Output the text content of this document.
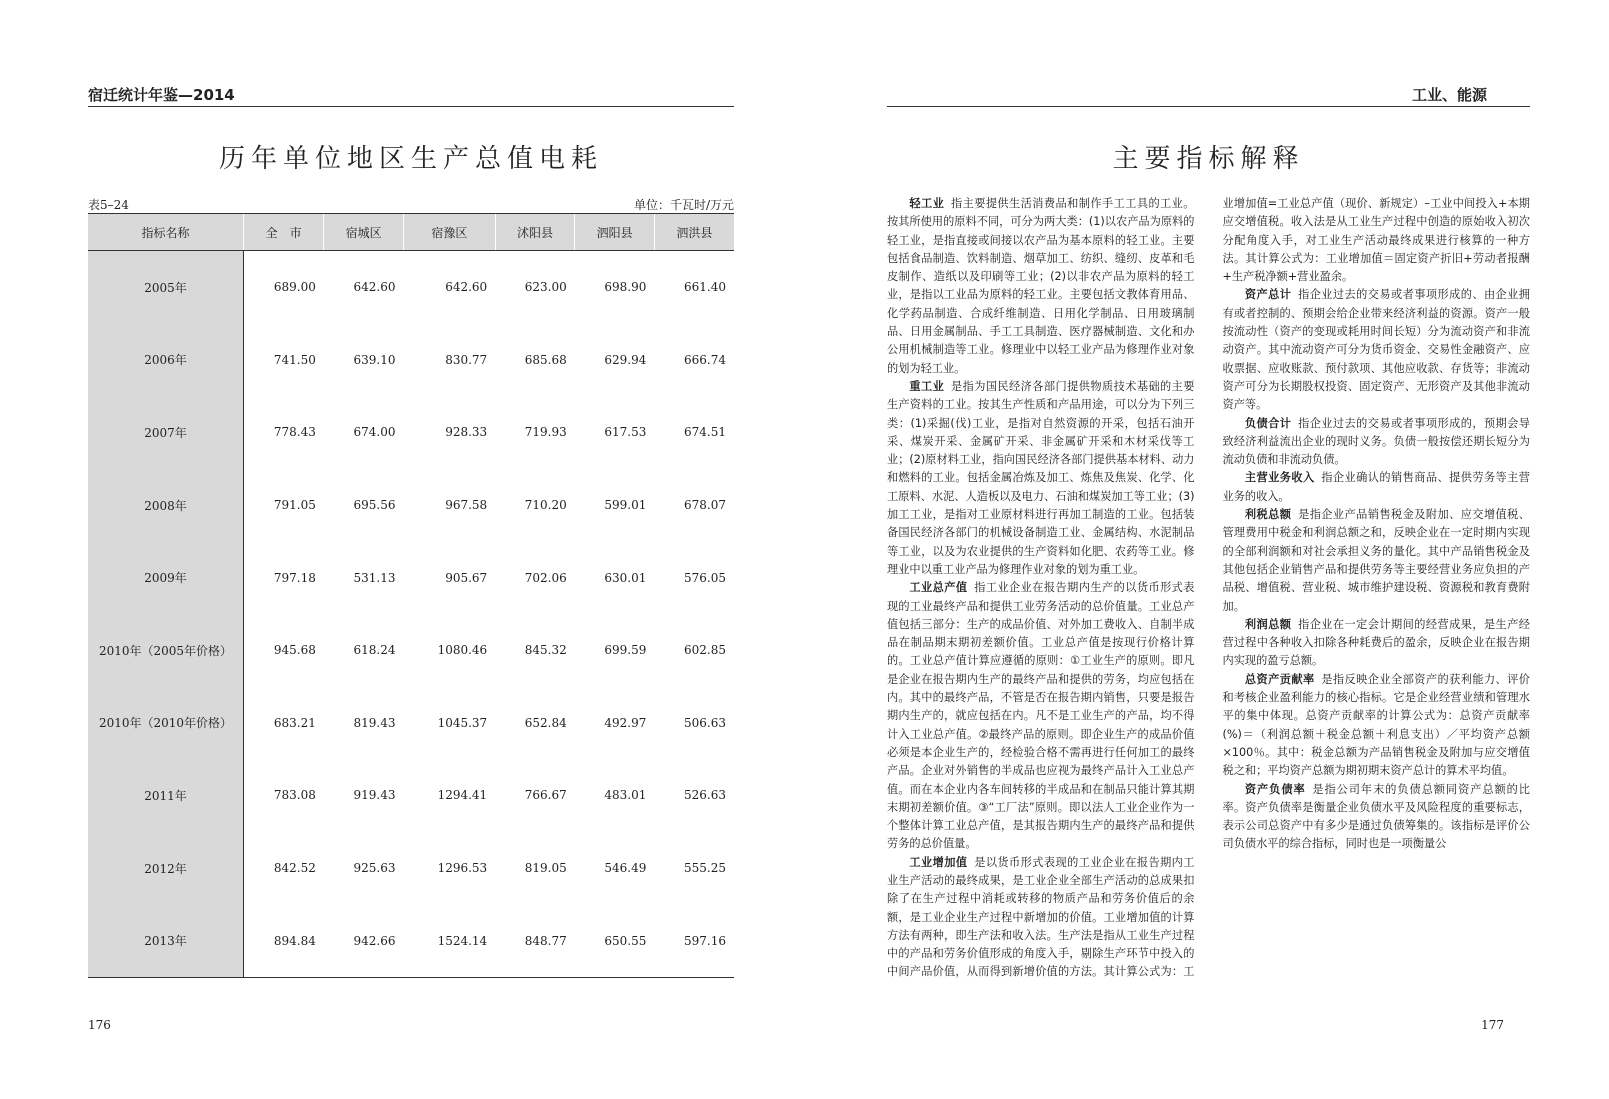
宿迁统计年鉴—2014
历年单位地区生产总值电耗
表5–24	单位：千瓦时/万元
指标名称	全　市	宿城区	宿豫区	沭阳县	泗阳县	泗洪县
2005年	689.00	642.60	642.60	623.00	698.90	661.40
2006年	741.50	639.10	830.77	685.68	629.94	666.74
2007年	778.43	674.00	928.33	719.93	617.53	674.51
2008年	791.05	695.56	967.58	710.20	599.01	678.07
2009年	797.18	531.13	905.67	702.06	630.01	576.05
2010年（2005年价格）	945.68	618.24	1080.46	845.32	699.59	602.85
2010年（2010年价格）	683.21	819.43	1045.37	652.84	492.97	506.63
2011年	783.08	919.43	1294.41	766.67	483.01	526.63
2012年	842.52	925.63	1296.53	819.05	546.49	555.25
2013年	894.84	942.66	1524.14	848.77	650.55	597.16
176
工业、能源
主要指标解释

轻工业 指主要提供生活消费品和制作手工工具的工业。按其所使用的原料不同，可分为两大类：(1)以农产品为原料的轻工业，是指直接或间接以农产品为基本原料的轻工业。主要包括食品制造、饮料制造、烟草加工、纺织、缝纫、皮革和毛皮制作、造纸以及印刷等工业；(2)以非农产品为原料的轻工业，是指以工业品为原料的轻工业。主要包括文教体育用品、化学药品制造、合成纤维制造、日用化学制品、日用玻璃制品、日用金属制品、手工工具制造、医疗器械制造、文化和办公用机械制造等工业。修理业中以轻工业产品为修理作业对象的划为轻工业。

重工业 是指为国民经济各部门提供物质技术基础的主要生产资料的工业。按其生产性质和产品用途，可以分为下列三类：(1)采掘(伐)工业，是指对自然资源的开采，包括石油开采、煤炭开采、金属矿开采、非金属矿开采和木材采伐等工业；(2)原材料工业，指向国民经济各部门提供基本材料、动力和燃料的工业。包括金属冶炼及加工、炼焦及焦炭、化学、化工原料、水泥、人造板以及电力、石油和煤炭加工等工业；(3)加工工业，是指对工业原材料进行再加工制造的工业。包括装备国民经济各部门的机械设备制造工业、金属结构、水泥制品等工业，以及为农业提供的生产资料如化肥、农药等工业。修理业中以重工业产品为修理作业对象的划为重工业。

工业总产值 指工业企业在报告期内生产的以货币形式表现的工业最终产品和提供工业劳务活动的总价值量。工业总产值包括三部分：生产的成品价值、对外加工费收入、自制半成品在制品期末期初差额价值。工业总产值是按现行价格计算的。工业总产值计算应遵循的原则：①工业生产的原则。即凡是企业在报告期内生产的最终产品和提供的劳务，均应包括在内。其中的最终产品，不管是否在报告期内销售，只要是报告期内生产的，就应包括在内。凡不是工业生产的产品，均不得计入工业总产值。②最终产品的原则。即企业生产的成品价值必须是本企业生产的，经检验合格不需再进行任何加工的最终产品。企业对外销售的半成品也应视为最终产品计入工业总产值。而在本企业内各车间转移的半成品和在制品只能计算其期末期初差额价值。③“工厂法”原则。即以法人工业企业作为一个整体计算工业总产值，是其报告期内生产的最终产品和提供劳务的总价值量。

工业增加值 是以货币形式表现的工业企业在报告期内工业生产活动的最终成果，是工业企业全部生产活动的总成果扣除了在生产过程中消耗或转移的物质产品和劳务价值后的余额，是工业企业生产过程中新增加的价值。工业增加值的计算方法有两种，即生产法和收入法。生产法是指从工业生产过程中的产品和劳务价值形成的角度入手，剔除生产环节中投入的中间产品价值，从而得到新增价值的方法。其计算公式为：工业增加值=工业总产值（现价、新规定）–工业中间投入+本期应交增值税。收入法是从工业生产过程中创造的原始收入初次分配角度入手，对工业生产活动最终成果进行核算的一种方法。其计算公式为：工业增加值＝固定资产折旧+劳动者报酬+生产税净额+营业盈余。

资产总计 指企业过去的交易或者事项形成的、由企业拥有或者控制的、预期会给企业带来经济利益的资源。资产一般按流动性（资产的变现或耗用时间长短）分为流动资产和非流动资产。其中流动资产可分为货币资金、交易性金融资产、应收票据、应收账款、预付款项、其他应收款、存货等；非流动资产可分为长期股权投资、固定资产、无形资产及其他非流动资产等。

负债合计 指企业过去的交易或者事项形成的，预期会导致经济利益流出企业的现时义务。负债一般按偿还期长短分为流动负债和非流动负债。

主营业务收入 指企业确认的销售商品、提供劳务等主营业务的收入。

利税总额 是指企业产品销售税金及附加、应交增值税、管理费用中税金和利润总额之和，反映企业在一定时期内实现的全部利润额和对社会承担义务的量化。其中产品销售税金及其他包括企业销售产品和提供劳务等主要经营业务应负担的产品税、增值税、营业税、城市维护建设税、资源税和教育费附加。

利润总额 指企业在一定会计期间的经营成果，是生产经营过程中各种收入扣除各种耗费后的盈余，反映企业在报告期内实现的盈亏总额。

总资产贡献率 是指反映企业全部资产的获利能力、评价和考核企业盈利能力的核心指标。它是企业经营业绩和管理水平的集中体现。总资产贡献率的计算公式为：总资产贡献率(%)＝（利润总额＋税金总额＋利息支出）／平均资产总额×100％。其中：税金总额为产品销售税金及附加与应交增值税之和；平均资产总额为期初期末资产总计的算术平均值。

资产负债率 是指公司年末的负债总额同资产总额的比率。资产负债率是衡量企业负债水平及风险程度的重要标志，表示公司总资产中有多少是通过负债筹集的。该指标是评价公司负债水平的综合指标，同时也是一项衡量公

177
